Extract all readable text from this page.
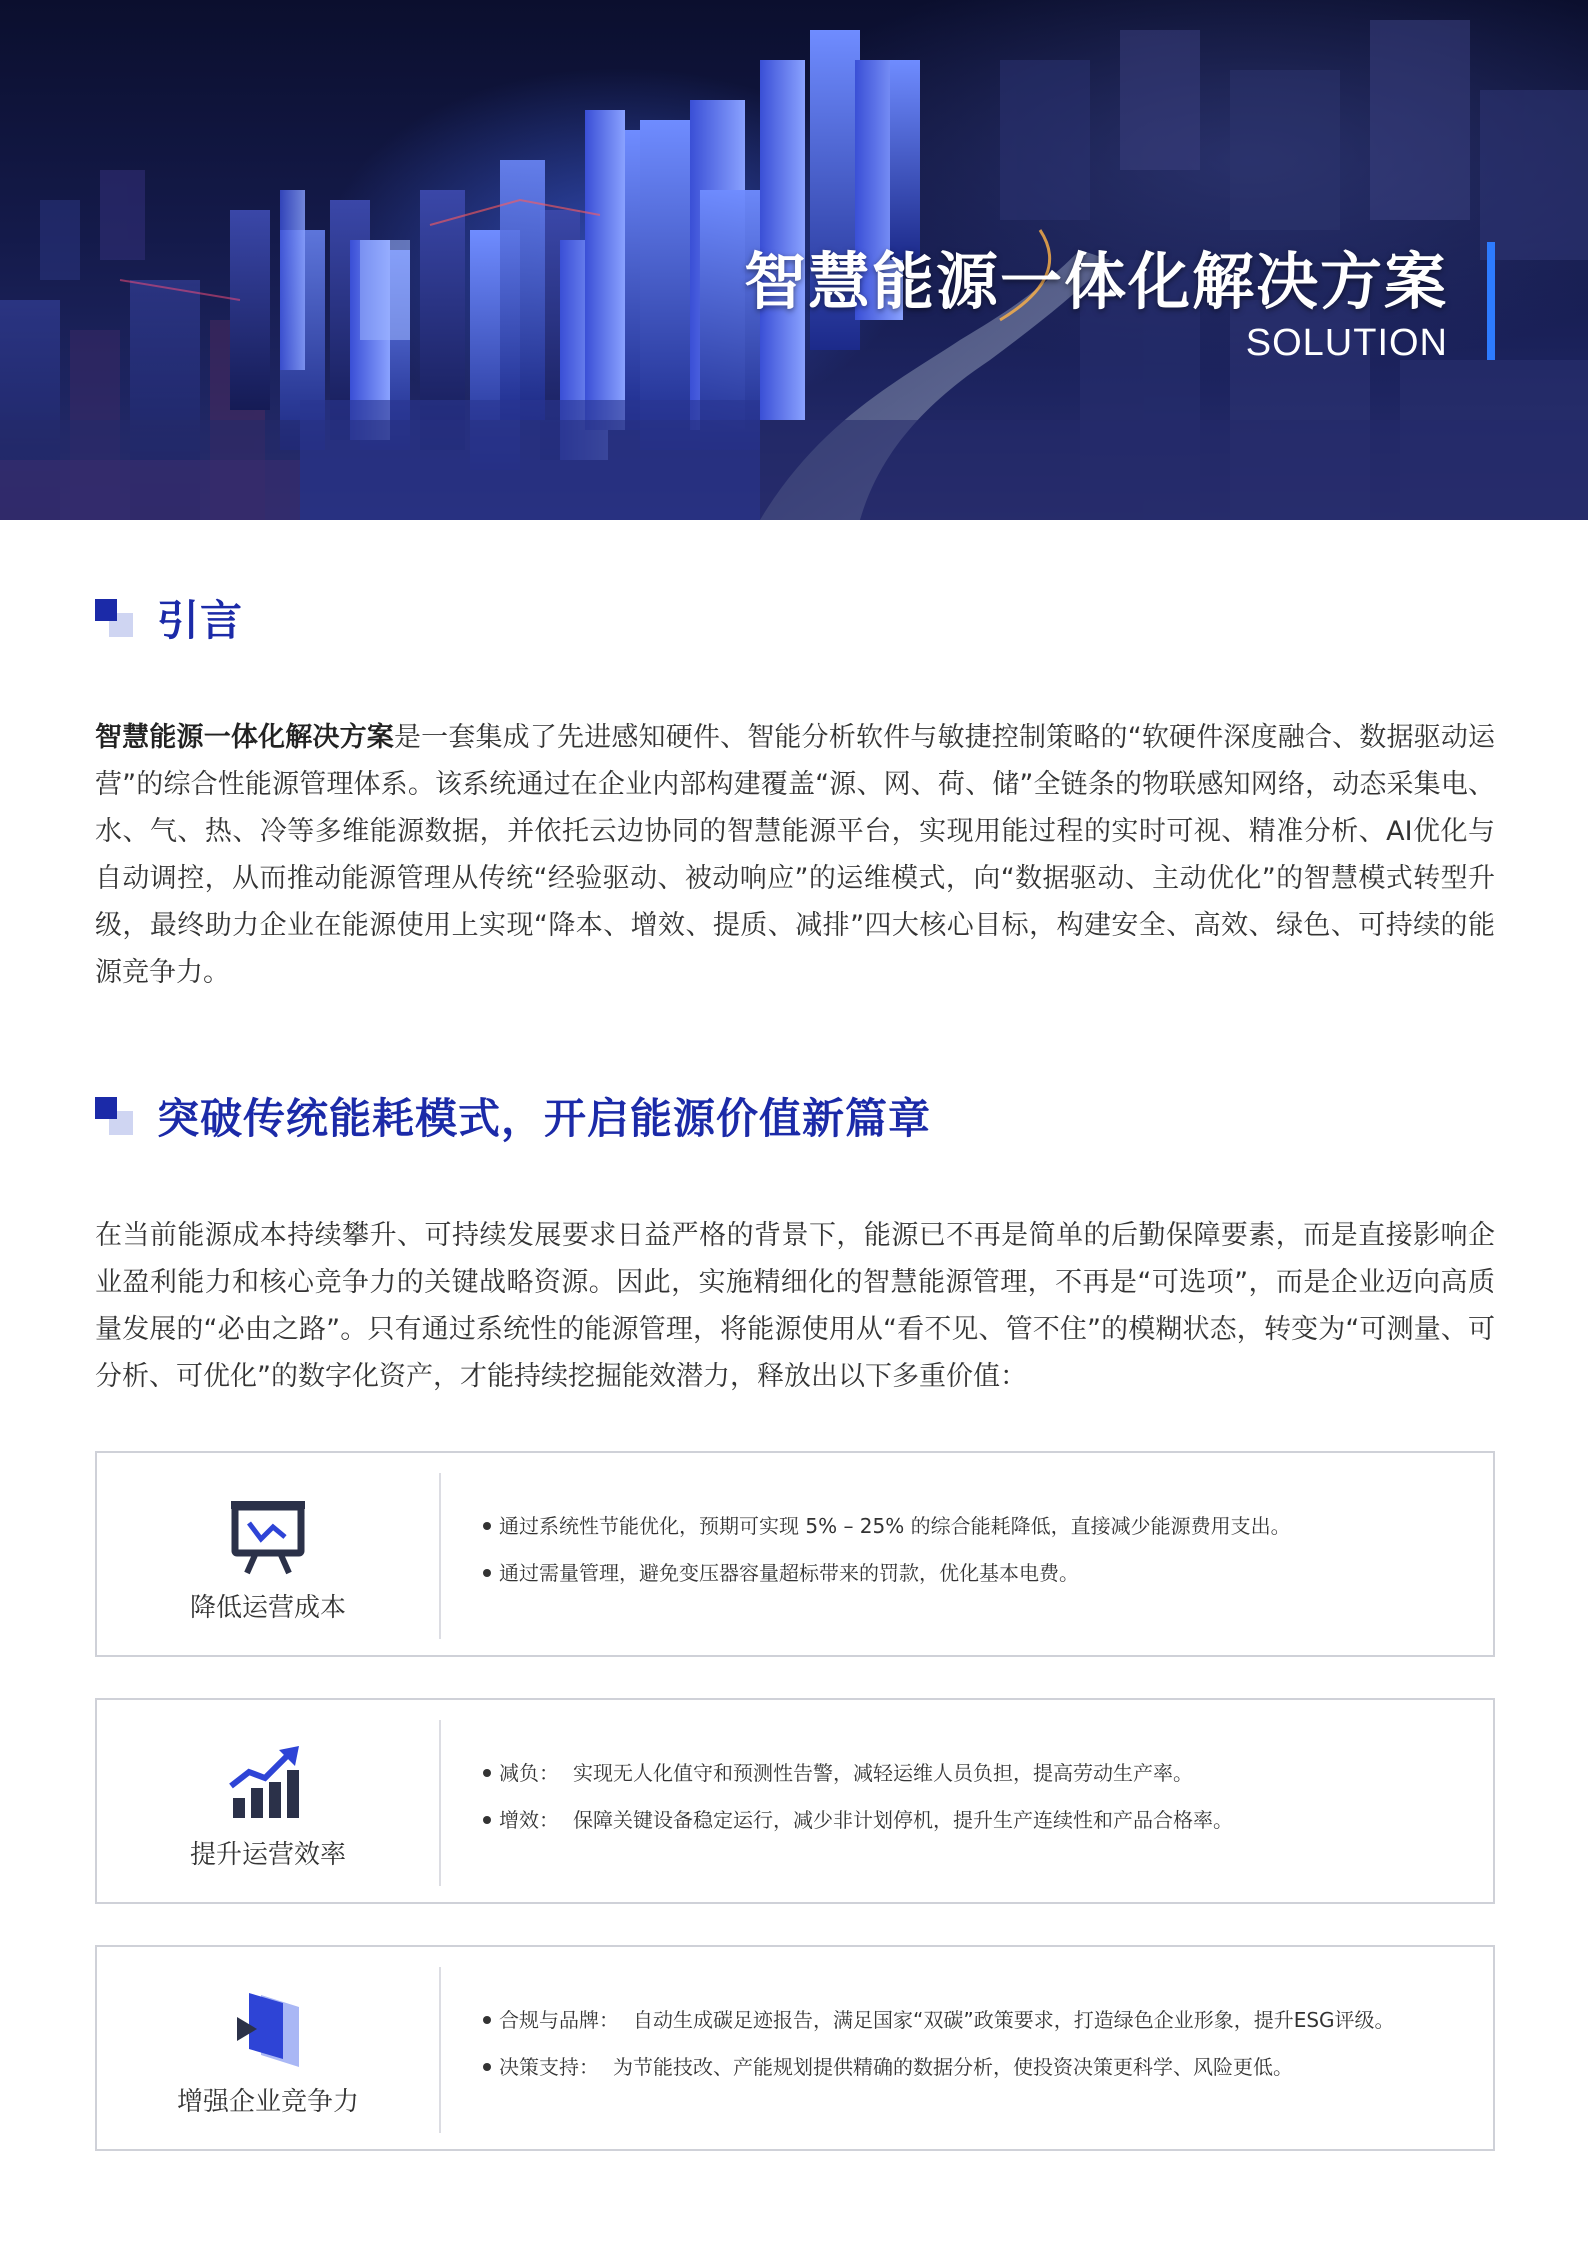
智慧能源一体化解决方案
SOLUTION
引言
智慧能源一体化解决方案是一套集成了先进感知硬件、智能分析软件与敏捷控制策略的“软硬件深度融合、数据驱动运营”的综合性能源管理体系。该系统通过在企业内部构建覆盖“源、网、荷、储”全链条的物联感知网络，动态采集电、水、气、热、冷等多维能源数据，并依托云边协同的智慧能源平台，实现用能过程的实时可视、精准分析、AI优化与自动调控，从而推动能源管理从传统“经验驱动、被动响应”的运维模式，向“数据驱动、主动优化”的智慧模式转型升级，最终助力企业在能源使用上实现“降本、增效、提质、减排”四大核心目标，构建安全、高效、绿色、可持续的能源竞争力。
突破传统能耗模式，开启能源价值新篇章
在当前能源成本持续攀升、可持续发展要求日益严格的背景下，能源已不再是简单的后勤保障要素，而是直接影响企业盈利能力和核心竞争力的关键战略资源。因此，实施精细化的智慧能源管理，不再是“可选项”，而是企业迈向高质量发展的“必由之路”。只有通过系统性的能源管理，将能源使用从“看不见、管不住”的模糊状态，转变为“可测量、可分析、可优化”的数字化资产，才能持续挖掘能效潜力，释放出以下多重价值：
降低运营成本
通过系统性节能优化，预期可实现 5% – 25% 的综合能耗降低，直接减少能源费用支出。
通过需量管理，避免变压器容量超标带来的罚款，优化基本电费。
提升运营效率
减负： 实现无人化值守和预测性告警，减轻运维人员负担，提高劳动生产率。
增效： 保障关键设备稳定运行，减少非计划停机，提升生产连续性和产品合格率。
增强企业竞争力
合规与品牌： 自动生成碳足迹报告，满足国家“双碳”政策要求，打造绿色企业形象，提升ESG评级。
决策支持： 为节能技改、产能规划提供精确的数据分析，使投资决策更科学、风险更低。
